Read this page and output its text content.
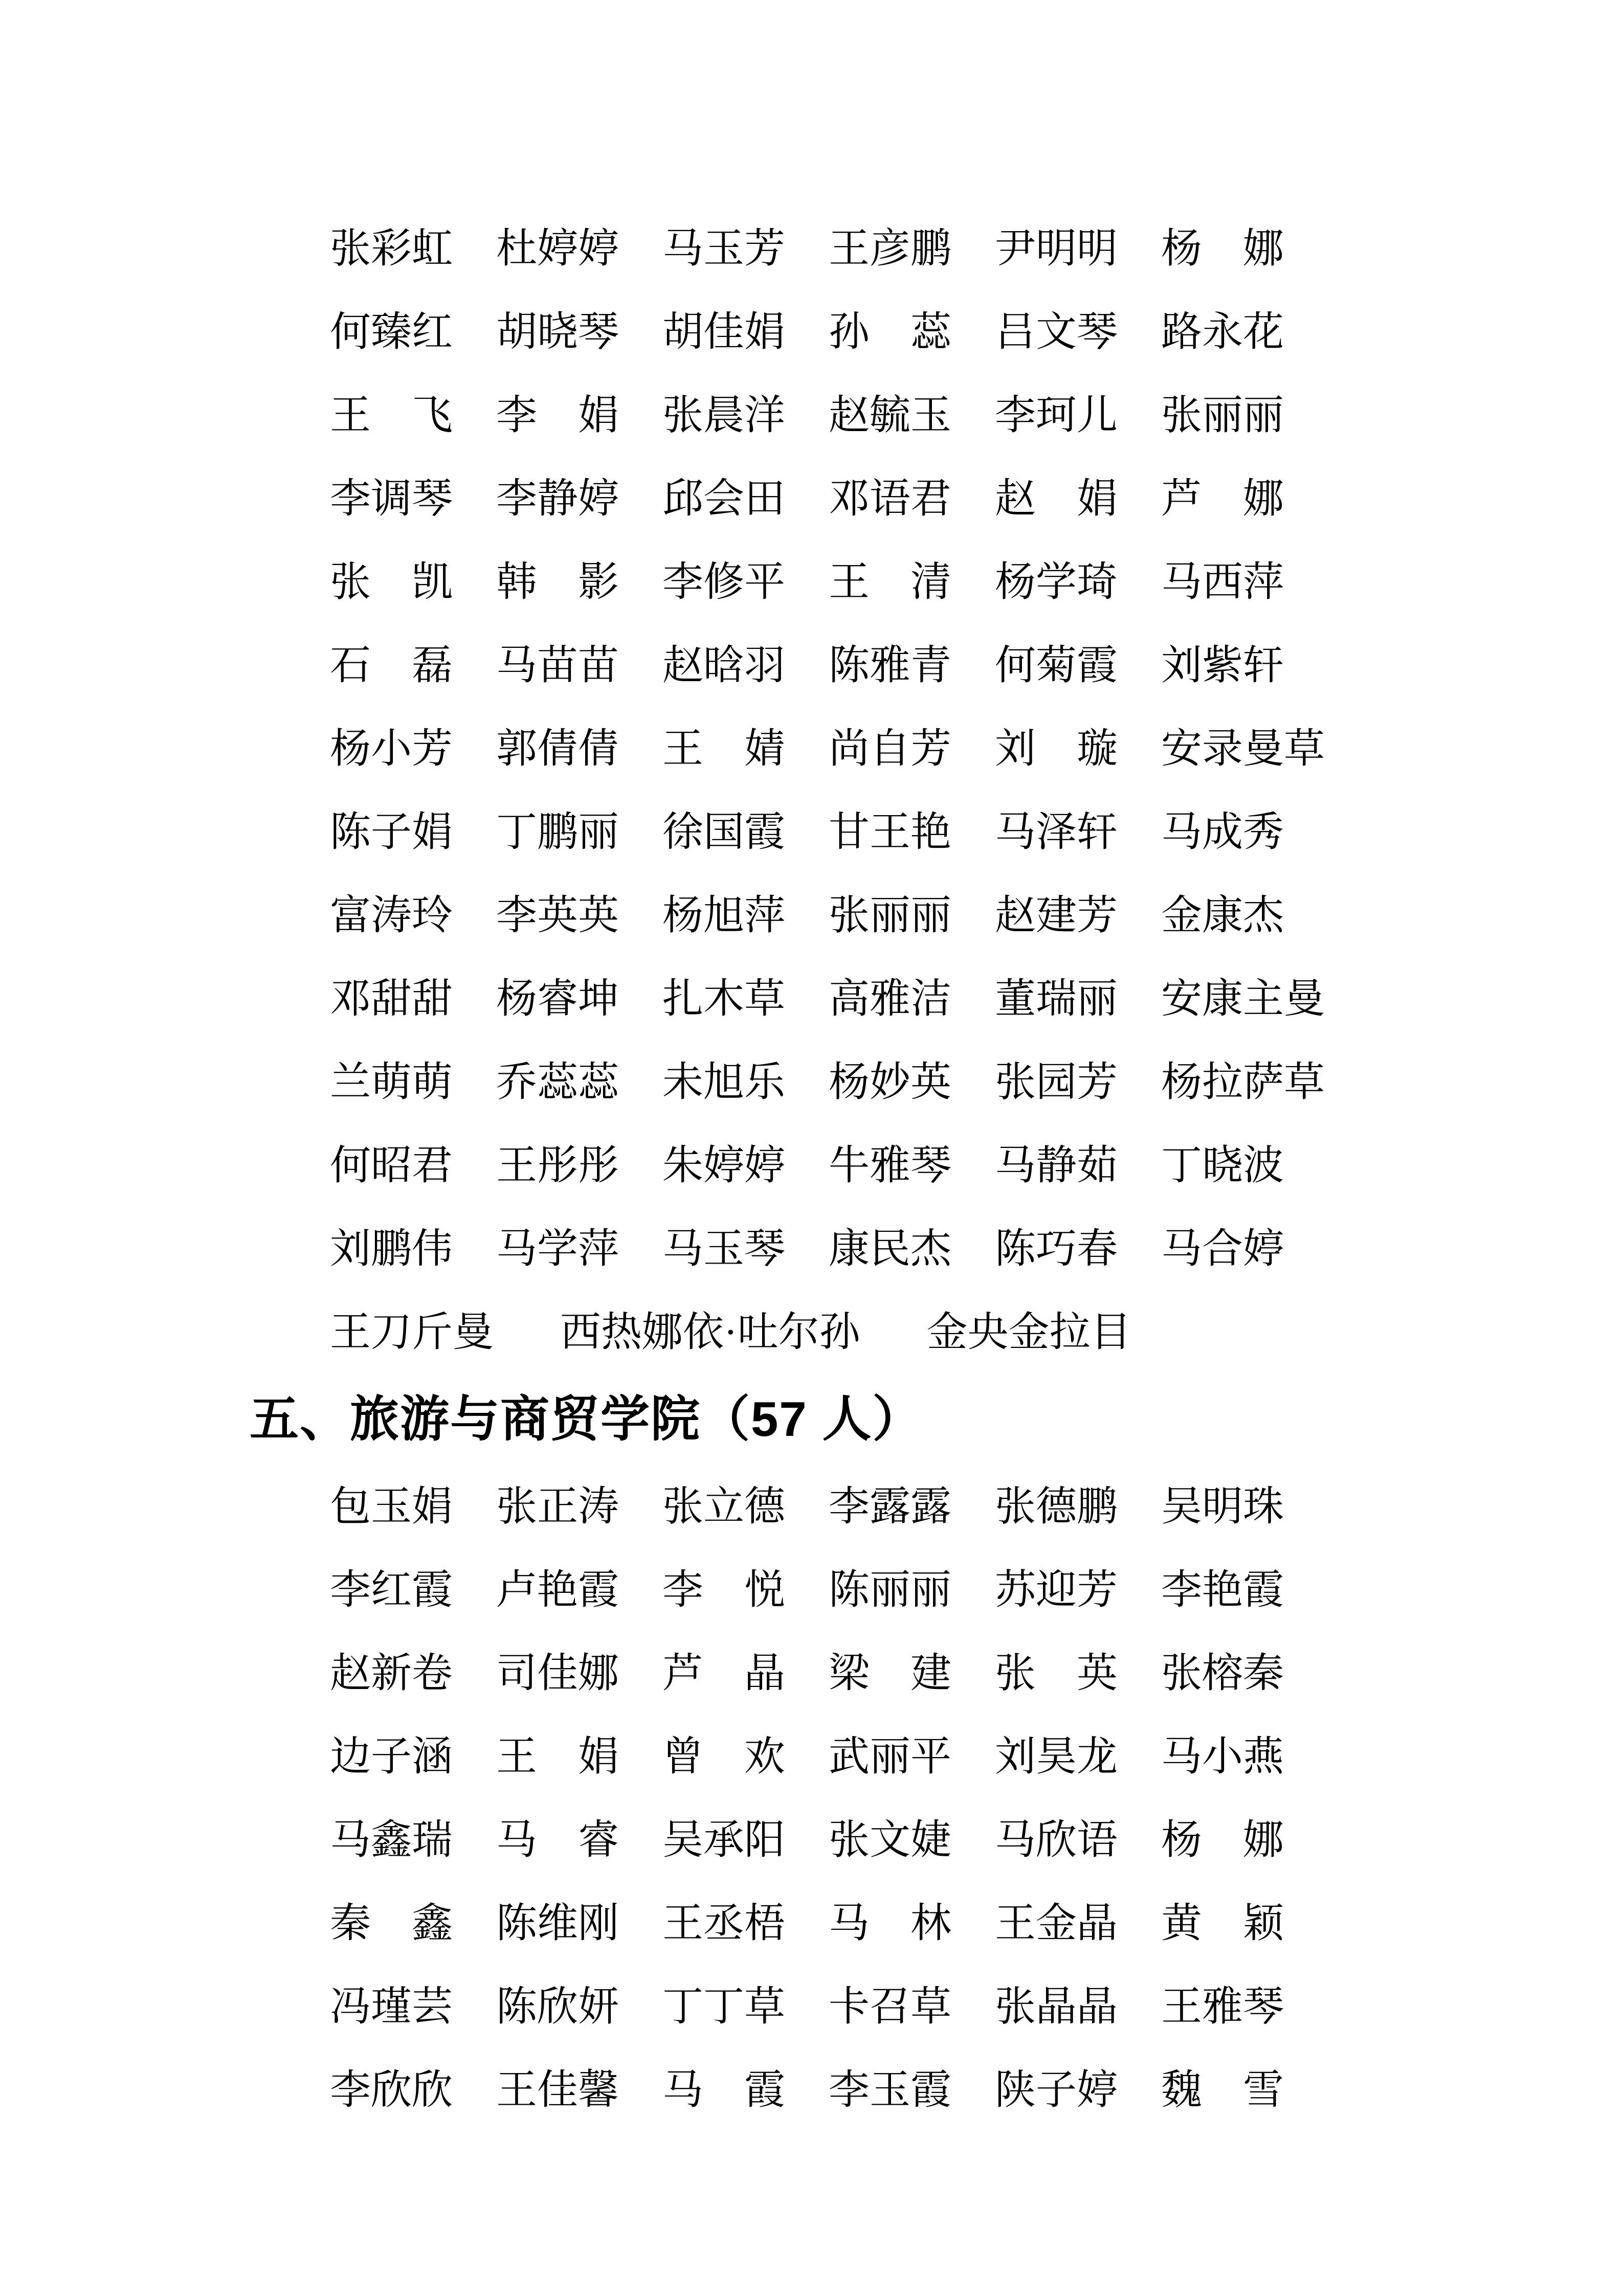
张彩虹 杜婷婷 马玉芳 王彦鹏 尹明明 杨　娜
何臻红 胡晓琴 胡佳娟 孙　蕊 吕文琴 路永花
王　飞 李　娟 张晨洋 赵毓玉 李珂儿 张丽丽
李调琴 李静婷 邱会田 邓语君 赵　娟 芦　娜
张　凯 韩　影 李修平 王　清 杨学琦 马西萍
石　磊 马苗苗 赵晗羽 陈雅青 何菊霞 刘紫轩
杨小芳 郭倩倩 王　婧 尚自芳 刘　璇 安录曼草
陈子娟 丁鹏丽 徐国霞 甘王艳 马泽轩 马成秀
富涛玲 李英英 杨旭萍 张丽丽 赵建芳 金康杰
邓甜甜 杨睿坤 扎木草 高雅洁 董瑞丽 安康主曼
兰萌萌 乔蕊蕊 未旭乐 杨妙英 张园芳 杨拉萨草
何昭君 王彤彤 朱婷婷 牛雅琴 马静茹 丁晓波
刘鹏伟 马学萍 马玉琴 康民杰 陈巧春 马合婷
王刀斤曼 西热娜依·吐尔孙 金央金拉目
五、旅游与商贸学院（57 人）
包玉娟 张正涛 张立德 李露露 张德鹏 吴明珠
李红霞 卢艳霞 李　悦 陈丽丽 苏迎芳 李艳霞
赵新卷 司佳娜 芦　晶 梁　建 张　英 张榕秦
边子涵 王　娟 曾　欢 武丽平 刘昊龙 马小燕
马鑫瑞 马　睿 吴承阳 张文婕 马欣语 杨　娜
秦　鑫 陈维刚 王丞梧 马　林 王金晶 黄　颖
冯瑾芸 陈欣妍 丁丁草 卡召草 张晶晶 王雅琴
李欣欣 王佳馨 马　霞 李玉霞 陕子婷 魏　雪
